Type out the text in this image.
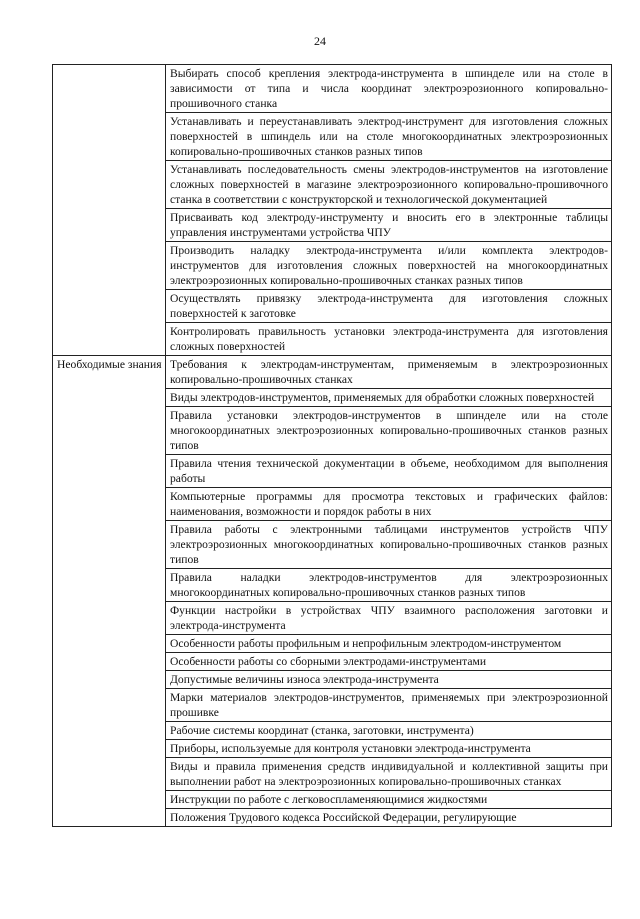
24

	Выбирать способ крепления электрода-инструмента в шпинделе или на столе в зависимости от типа и числа координат электроэрозионного копировально-прошивочного станка

	Устанавливать и переустанавливать электрод-инструмент для изготовления сложных поверхностей в шпиндель или на столе многокоординатных электроэрозионных копировально-прошивочных станков разных типов

	Устанавливать последовательность смены электродов-инструментов на изготовление сложных поверхностей в магазине электроэрозионного копировально-прошивочного станка в соответствии с конструкторской и технологической документацией

	Присваивать код электроду-инструменту и вносить его в электронные таблицы управления инструментами устройства ЧПУ

	Производить наладку электрода-инструмента и/или комплекта электродов-инструментов для изготовления сложных поверхностей на многокоординатных электроэрозионных копировально-прошивочных станках разных типов

	Осуществлять привязку электрода-инструмента для изготовления сложных поверхностей к заготовке

	Контролировать правильность установки электрода-инструмента для изготовления сложных поверхностей

Необходимые знания	Требования к электродам-инструментам, применяемым в электроэрозионных копировально-прошивочных станках

	Виды электродов-инструментов, применяемых для обработки сложных поверхностей

	Правила установки электродов-инструментов в шпинделе или на столе многокоординатных электроэрозионных копировально-прошивочных станков разных типов

	Правила чтения технической документации в объеме, необходимом для выполнения работы

	Компьютерные программы для просмотра текстовых и графических файлов: наименования, возможности и порядок работы в них

	Правила работы с электронными таблицами инструментов устройств ЧПУ электроэрозионных многокоординатных копировально-прошивочных станков разных типов

	Правила наладки электродов-инструментов для электроэрозионных многокоординатных копировально-прошивочных станков разных типов

	Функции настройки в устройствах ЧПУ взаимного расположения заготовки и электрода-инструмента

	Особенности работы профильным и непрофильным электродом-инструментом

	Особенности работы со сборными электродами-инструментами

	Допустимые величины износа электрода-инструмента

	Марки материалов электродов-инструментов, применяемых при электроэрозионной прошивке

	Рабочие системы координат (станка, заготовки, инструмента)

	Приборы, используемые для контроля установки электрода-инструмента

	Виды и правила применения средств индивидуальной и коллективной защиты при выполнении работ на электроэрозионных копировально-прошивочных станках

	Инструкции по работе с легковоспламеняющимися жидкостями

	Положения Трудового кодекса Российской Федерации, регулирующие
